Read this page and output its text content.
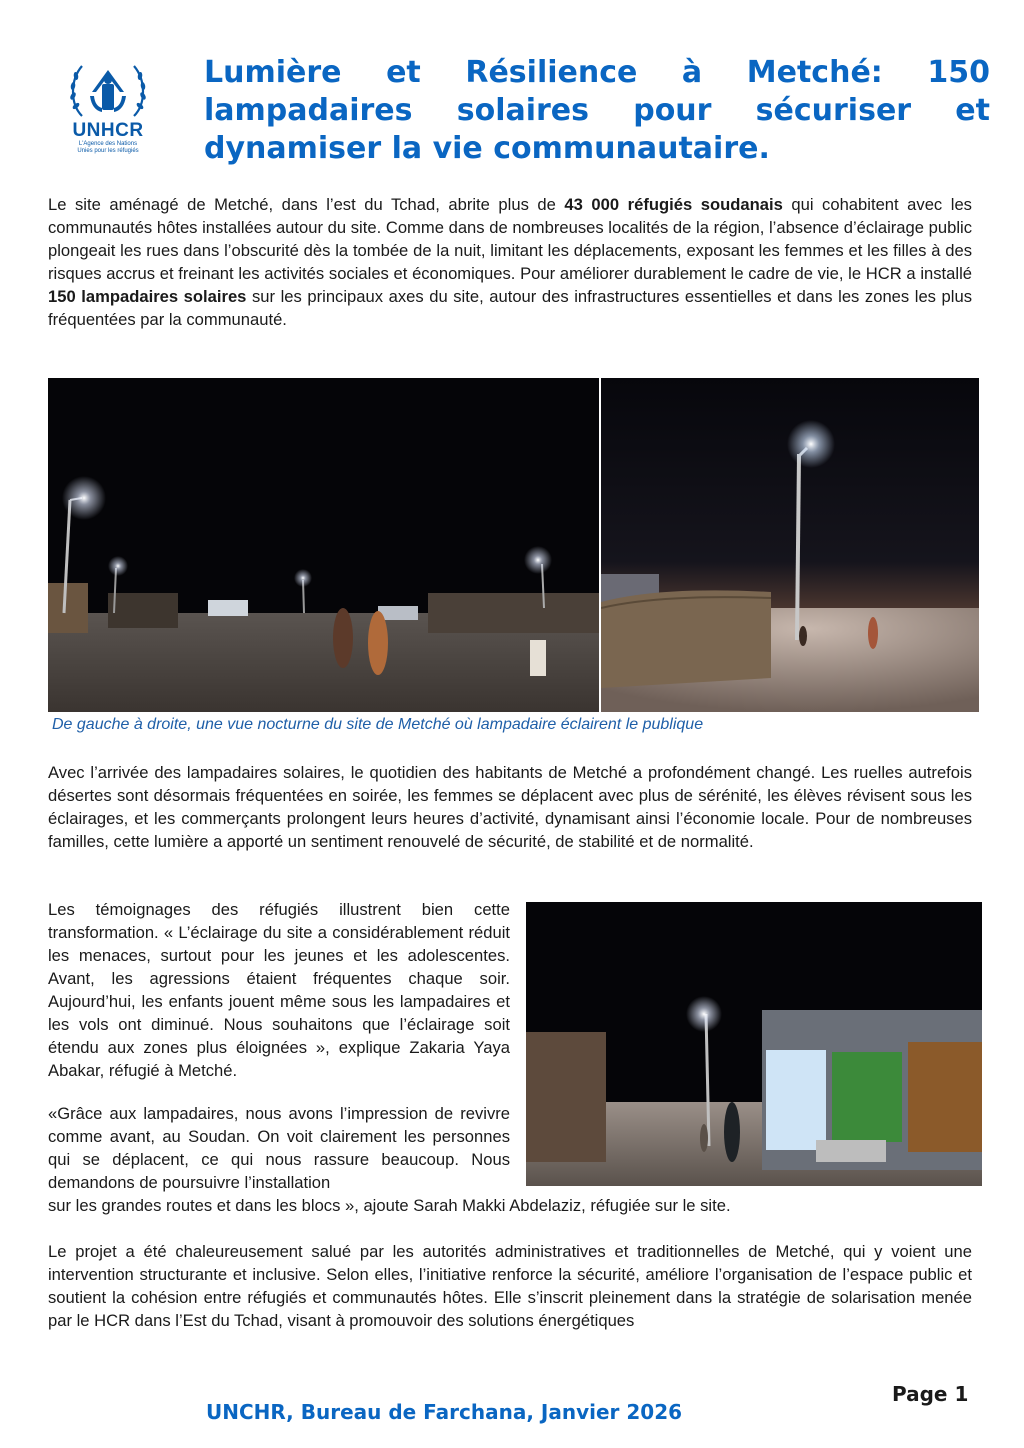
UNHCR
L'Agence des Nations
Unies pour les réfugiés
Lumière et Résilience à Metché: 150 lampadaires solaires pour sécuriser et dynamiser la vie communautaire.

Le site aménagé de Metché, dans l’est du Tchad, abrite plus de 43 000 réfugiés soudanais qui cohabitent avec les communautés hôtes installées autour du site. Comme dans de nombreuses localités de la région, l’absence d’éclairage public plongeait les rues dans l’obscurité dès la tombée de la nuit, limitant les déplacements, exposant les femmes et les filles à des risques accrus et freinant les activités sociales et économiques. Pour améliorer durablement le cadre de vie, le HCR a installé 150 lampadaires solaires sur les principaux axes du site, autour des infrastructures essentielles et dans les zones les plus fréquentées par la communauté.

De gauche à droite, une vue nocturne du site de Metché où lampadaire éclairent le publique

Avec l’arrivée des lampadaires solaires, le quotidien des habitants de Metché a profondément changé. Les ruelles autrefois désertes sont désormais fréquentées en soirée, les femmes se déplacent avec plus de sérénité, les élèves révisent sous les éclairages, et les commerçants prolongent leurs heures d’activité, dynamisant ainsi l’économie locale. Pour de nombreuses familles, cette lumière a apporté un sentiment renouvelé de sécurité, de stabilité et de normalité.

Les témoignages des réfugiés illustrent bien cette transformation. « L’éclairage du site a considérablement réduit les menaces, surtout pour les jeunes et les adolescentes. Avant, les agressions étaient fréquentes chaque soir. Aujourd’hui, les enfants jouent même sous les lampadaires et les vols ont diminué. Nous souhaitons que l’éclairage soit étendu aux zones plus éloignées », explique Zakaria Yaya Abakar, réfugié à Metché.

«Grâce aux lampadaires, nous avons l’impression de revivre comme avant, au Soudan. On voit clairement les personnes qui se déplacent, ce qui nous rassure beaucoup. Nous demandons de poursuivre l’installation

sur les grandes routes et dans les blocs », ajoute Sarah Makki Abdelaziz, réfugiée sur le site.

Le projet a été chaleureusement salué par les autorités administratives et traditionnelles de Metché, qui y voient une intervention structurante et inclusive. Selon elles, l’initiative renforce la sécurité, améliore l’organisation de l’espace public et soutient la cohésion entre réfugiés et communautés hôtes. Elle s’inscrit pleinement dans la stratégie de solarisation menée par le HCR dans l’Est du Tchad, visant à promouvoir des solutions énergétiques

Page 1
UNCHR, Bureau de Farchana, Janvier 2026
